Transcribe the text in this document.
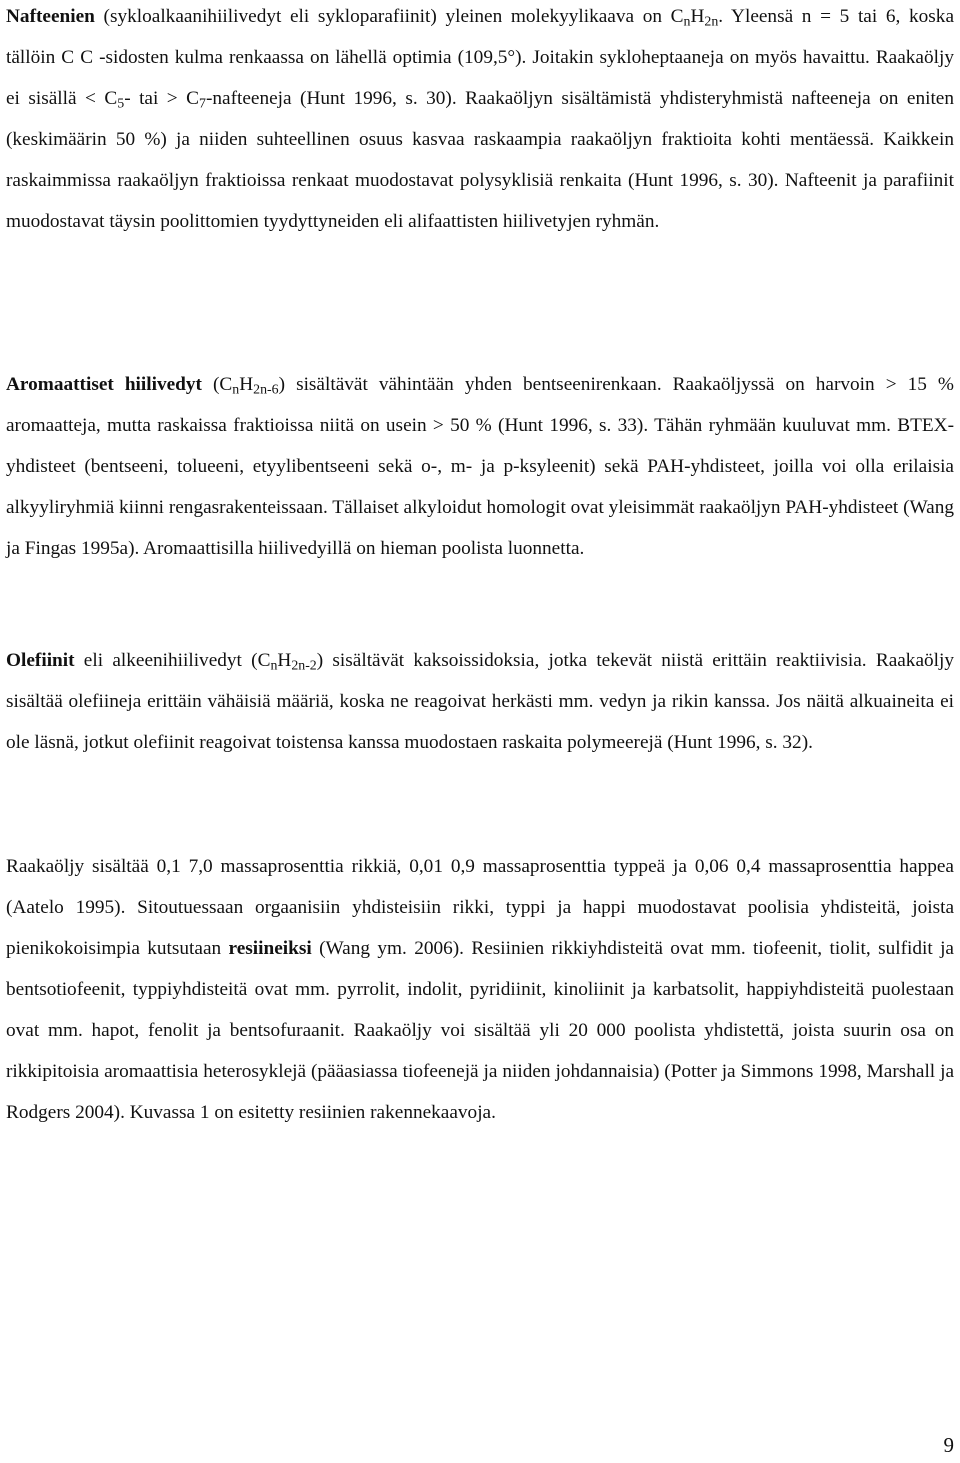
Nafteenien (sykloalkaanihiilivedyt eli sykloparafiinit) yleinen molekyylikaava on $C_nH_{2n}$. Yleensä n = 5 tai 6, koska tällöin C C -sidosten kulma renkaassa on lähellä optimia (109,5°). Joitakin sykloheptaaneja on myös havaittu. Raakaöljy ei sisällä < $C_5-$ tai > $C_7$-nafteeneja (Hunt 1996, s. 30). Raakaöljyn sisältämistä yhdisteryhmistä nafteeneja on eniten (keskimäärin 50 %) ja niiden suhteellinen osuus kasvaa raskaampia raakaöljyn fraktioita kohti mentäessä. Kaikkein raskaimmissa raakaöljyn fraktioissa renkaat muodostavat polysyklisiä renkaita (Hunt 1996, s. 30). Nafteenit ja parafiinit muodostavat täysin poolittomien tyydyttyneiden eli alifaattisten hiilivetyjen ryhmän.

Aromaattiset hiilivedyt $(C_nH_{2n-6})$ sisältävät vähintään yhden bentseenirenkaan. Raakaöljyssä on harvoin > 15 % aromaatteja, mutta raskaissa fraktioissa niitä on usein > 50 % (Hunt 1996, s. 33). Tähän ryhmään kuuluvat mm. BTEX-yhdisteet (bentseeni, tolueeni, etyylibentseeni sekä o-, m- ja p-ksyleenit) sekä PAH-yhdisteet, joilla voi olla erilaisia alkyyliryhmiä kiinni rengasrakenteissaan. Tällaiset alkyloidut homologit ovat yleisimmät raakaöljyn PAH-yhdisteet (Wang ja Fingas 1995a). Aromaattisilla hiilivedyillä on hieman poolista luonnetta.

Olefiinit eli alkeenihiilivedyt $(C_nH_{2n-2})$ sisältävät kaksoissidoksia, jotka tekevät niistä erittäin reaktiivisia. Raakaöljy sisältää olefiineja erittäin vähäisiä määriä, koska ne reagoivat herkästi mm. vedyn ja rikin kanssa. Jos näitä alkuaineita ei ole läsnä, jotkut olefiinit reagoivat toistensa kanssa muodostaen raskaita polymeerejä (Hunt 1996, s. 32).

Raakaöljy sisältää 0,1 7,0 massaprosenttia rikkiä, 0,01 0,9 massaprosenttia typpeä ja 0,06 0,4 massaprosenttia happea (Aatelo 1995). Sitoutuessaan orgaanisiin yhdisteisiin rikki, typpi ja happi muodostavat poolisia yhdisteitä, joista pienikokoisimpia kutsutaan resiineiksi (Wang ym. 2006). Resiinien rikkiyhdisteitä ovat mm. tiofeenit, tiolit, sulfidit ja bentsotiofeenit, typpiyhdisteitä ovat mm. pyrrolit, indolit, pyridiinit, kinoliinit ja karbatsolit, happiyhdisteitä puolestaan ovat mm. hapot, fenolit ja bentsofuraanit. Raakaöljy voi sisältää yli 20 000 poolista yhdistettä, joista suurin osa on rikkipitoisia aromaattisia heterosyklejä (pääasiassa tiofeenejä ja niiden johdannaisia) (Potter ja Simmons 1998, Marshall ja Rodgers 2004). Kuvassa 1 on esitetty resiinien rakennekaavoja.

9
